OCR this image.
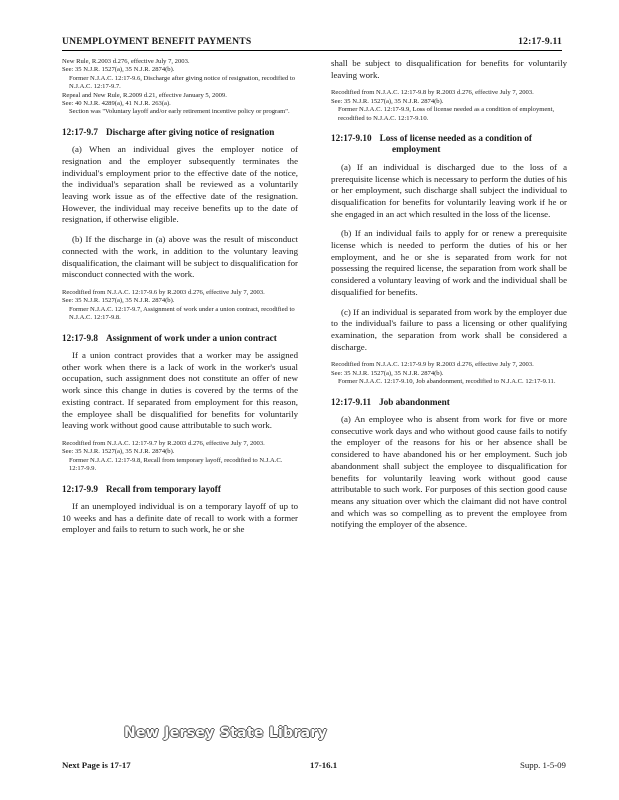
UNEMPLOYMENT BENEFIT PAYMENTS	12:17-9.11
New Rule, R.2003 d.276, effective July 7, 2003.
See: 35 N.J.R. 1527(a), 35 N.J.R. 2874(b).
Former N.J.A.C. 12:17-9.6, Discharge after giving notice of resignation, recodified to N.J.A.C. 12:17-9.7.
Repeal and New Rule, R.2009 d.21, effective January 5, 2009.
See: 40 N.J.R. 4289(a), 41 N.J.R. 263(a).
Section was "Voluntary layoff and/or early retirement incentive policy or program".
12:17-9.7 Discharge after giving notice of resignation

(a) When an individual gives the employer notice of resignation and the employer subsequently terminates the individual's employment prior to the effective date of the notice, the individual's separation shall be reviewed as a voluntarily leaving work issue as of the effective date of the resignation. However, the individual may receive benefits up to the date of resignation, if otherwise eligible.

(b) If the discharge in (a) above was the result of misconduct connected with the work, in addition to the voluntary leaving disqualification, the claimant will be subject to disqualification for misconduct connected with the work.

Recodified from N.J.A.C. 12:17-9.6 by R.2003 d.276, effective July 7, 2003.
See: 35 N.J.R. 1527(a), 35 N.J.R. 2874(b).
Former N.J.A.C. 12:17-9.7, Assignment of work under a union contract, recodified to N.J.A.C. 12:17-9.8.
12:17-9.8 Assignment of work under a union contract

If a union contract provides that a worker may be assigned other work when there is a lack of work in the worker's usual occupation, such assignment does not constitute an offer of new work since this change in duties is covered by the terms of the existing contract. If separated from employment for this reason, the employee shall be disqualified for benefits for voluntarily leaving work without good cause attributable to such work.

Recodified from N.J.A.C. 12:17-9.7 by R.2003 d.276, effective July 7, 2003.
See: 35 N.J.R. 1527(a), 35 N.J.R. 2874(b).
Former N.J.A.C. 12:17-9.8, Recall from temporary layoff, recodified to N.J.A.C. 12:17-9.9.
12:17-9.9 Recall from temporary layoff

If an unemployed individual is on a temporary layoff of up to 10 weeks and has a definite date of recall to work with a former employer and fails to return to such work, he or she

shall be subject to disqualification for benefits for voluntarily leaving work.

Recodified from N.J.A.C. 12:17-9.8 by R.2003 d.276, effective July 7, 2003.
See: 35 N.J.R. 1527(a), 35 N.J.R. 2874(b).
Former N.J.A.C. 12:17-9.9, Loss of license needed as a condition of employment, recodified to N.J.A.C. 12:17-9.10.
12:17-9.10 Loss of license needed as a condition of
employment

(a) If an individual is discharged due to the loss of a prerequisite license which is necessary to perform the duties of his or her employment, such discharge shall subject the individual to disqualification for benefits for voluntarily leaving work if he or she engaged in an act which resulted in the loss of the license.

(b) If an individual fails to apply for or renew a prerequisite license which is needed to perform the duties of his or her employment, and he or she is separated from work for not possessing the required license, the separation from work shall be considered a voluntary leaving of work and the individual shall be disqualified for benefits.

(c) If an individual is separated from work by the employer due to the individual's failure to pass a licensing or other qualifying examination, the separation from work shall be considered a discharge.

Recodified from N.J.A.C. 12:17-9.9 by R.2003 d.276, effective July 7, 2003.
See: 35 N.J.R. 1527(a), 35 N.J.R. 2874(b).
Former N.J.A.C. 12:17-9.10, Job abandonment, recodified to N.J.A.C. 12:17-9.11.
12:17-9.11 Job abandonment

(a) An employee who is absent from work for five or more consecutive work days and who without good cause fails to notify the employer of the reasons for his or her absence shall be considered to have abandoned his or her employment. Such job abandonment shall subject the employee to disqualification for benefits for voluntarily leaving work without good cause attributable to such work. For purposes of this section good cause means any situation over which the claimant did not have control and which was so compelling as to prevent the employee from notifying the employer of the absence.

New Jersey State Library
Next Page is 17-17	17-16.1	Supp. 1-5-09
